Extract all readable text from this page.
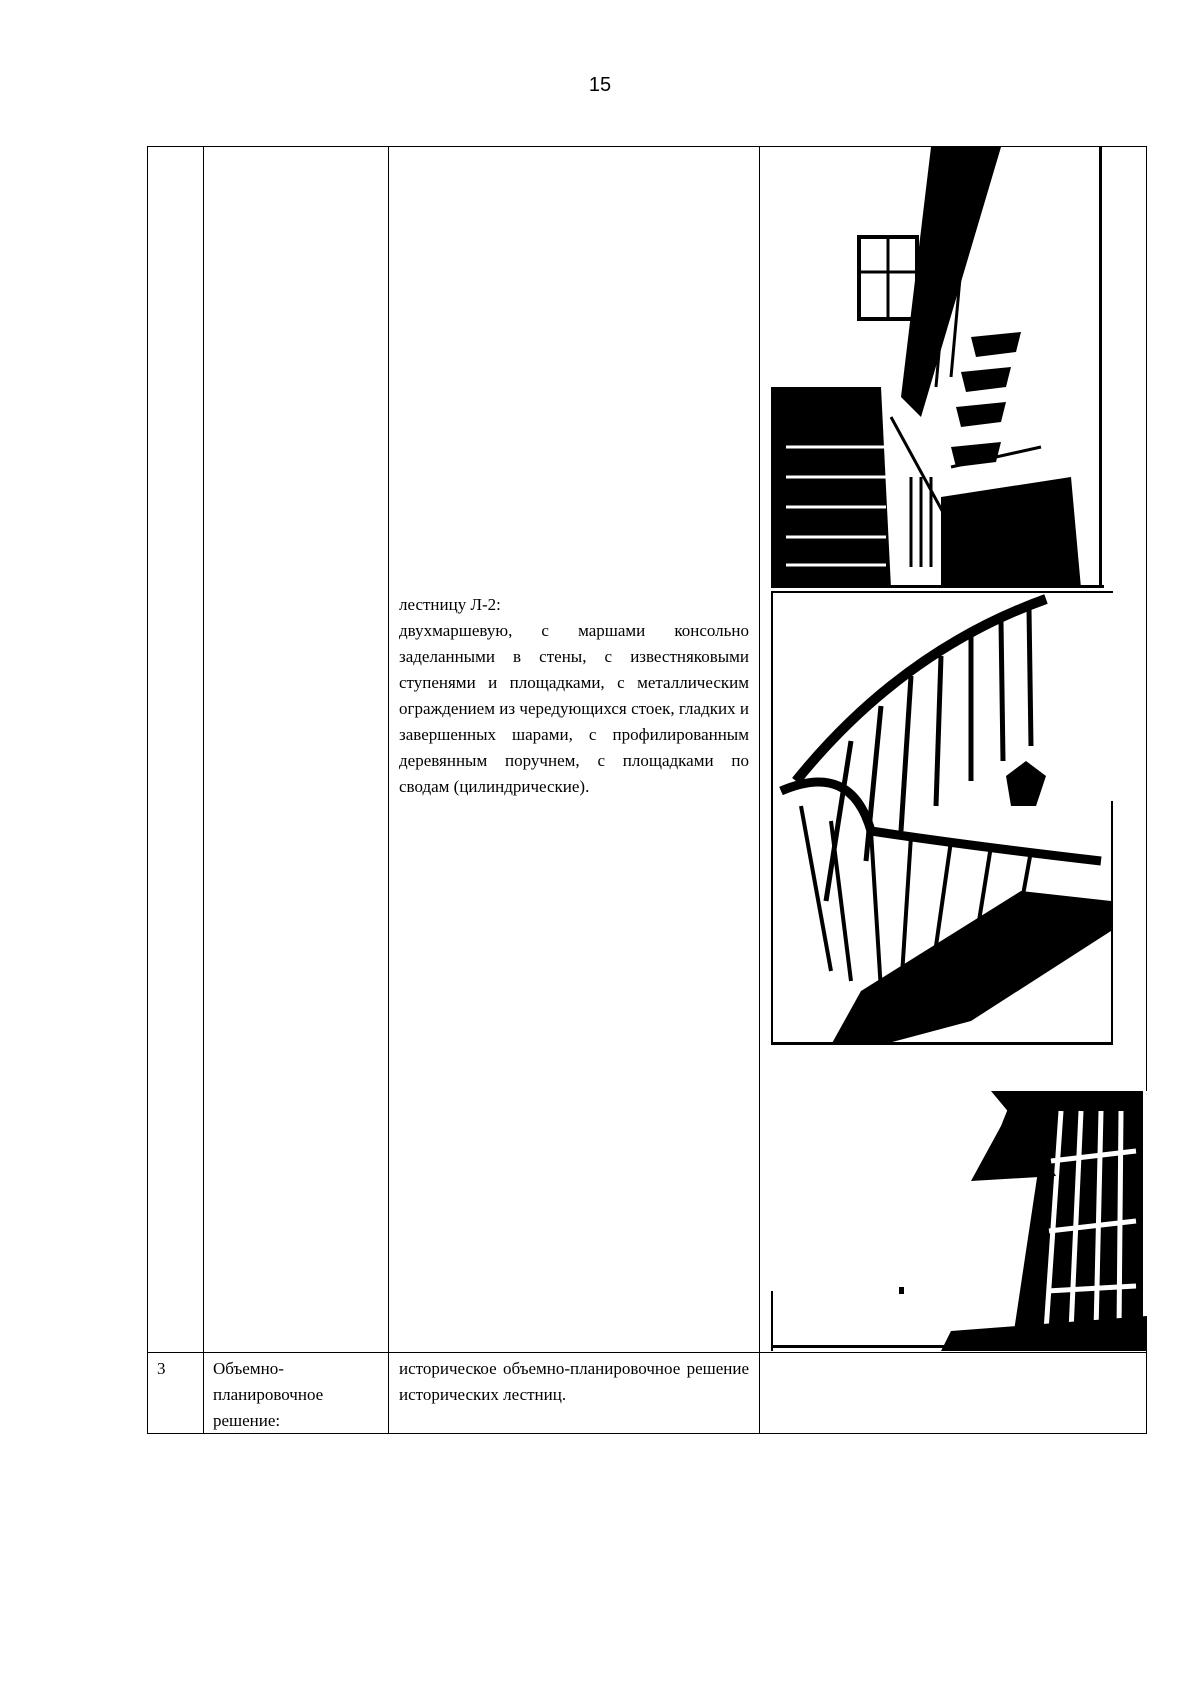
15
лестницу Л-2:
двухмаршевую, с маршами консольно заделанными в стены, с известняковыми ступенями и площадками, с металлическим ограждением из чередующихся стоек, гладких и завершенных шарами, с профилированным деревянным поручнем, с площадками по сводам (цилиндрические).
3	Объемно-
планировочное
решение:
историческое объемно-планировочное решение исторических лестниц.
